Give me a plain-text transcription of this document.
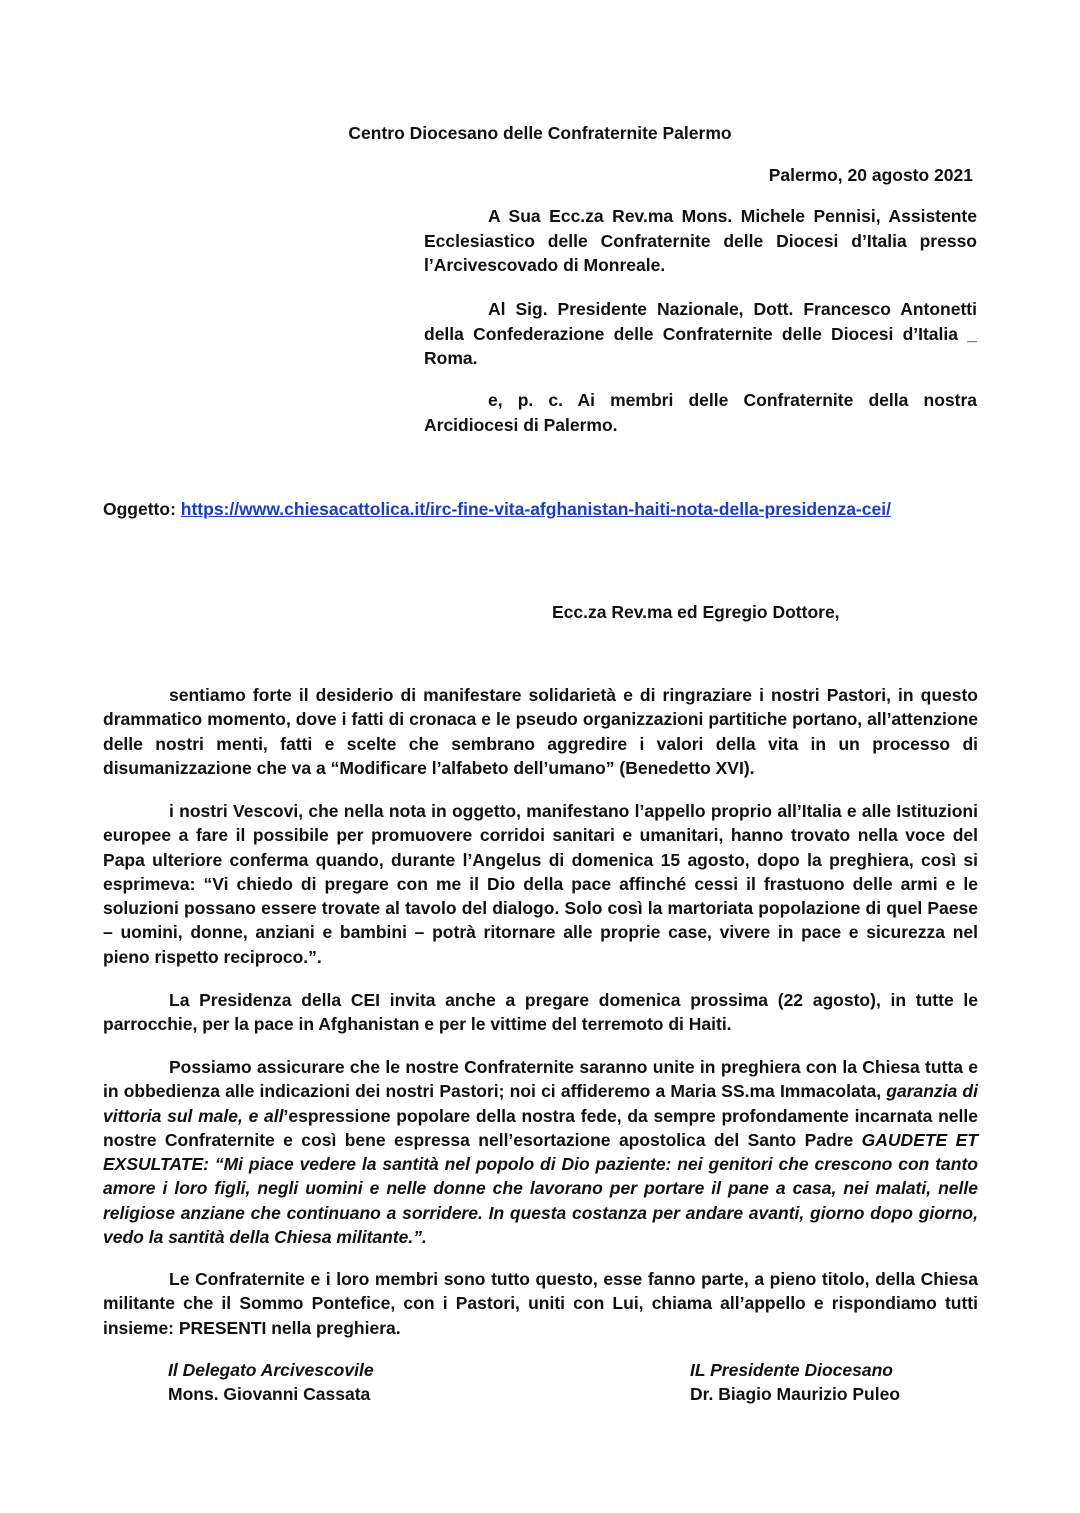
Centro Diocesano delle Confraternite Palermo

Palermo, 20 agosto 2021

A Sua Ecc.za Rev.ma Mons. Michele Pennisi, Assistente Ecclesiastico delle Confraternite delle Diocesi d’Italia presso l’Arcivescovado di Monreale.

Al Sig. Presidente Nazionale, Dott. Francesco Antonetti della Confederazione delle Confraternite delle Diocesi d’Italia _ Roma.

e, p. c. Ai membri delle Confraternite della nostra Arcidiocesi di Palermo.

Oggetto: https://www.chiesacattolica.it/irc-fine-vita-afghanistan-haiti-nota-della-presidenza-cei/

Ecc.za Rev.ma ed Egregio Dottore,

sentiamo forte il desiderio di manifestare solidarietà e di ringraziare i nostri Pastori, in questo drammatico momento, dove i fatti di cronaca e le pseudo organizzazioni partitiche portano, all’attenzione delle nostri menti, fatti e scelte che sembrano aggredire i valori della vita in un processo di disumanizzazione che va a “Modificare l’alfabeto dell’umano” (Benedetto XVI).

i nostri Vescovi, che nella nota in oggetto, manifestano l’appello proprio all’Italia e alle Istituzioni europee a fare il possibile per promuovere corridoi sanitari e umanitari, hanno trovato nella voce del Papa ulteriore conferma quando, durante l’Angelus di domenica 15 agosto, dopo la preghiera, così si esprimeva: “Vi chiedo di pregare con me il Dio della pace affinché cessi il frastuono delle armi e le soluzioni possano essere trovate al tavolo del dialogo. Solo così la martoriata popolazione di quel Paese – uomini, donne, anziani e bambini – potrà ritornare alle proprie case, vivere in pace e sicurezza nel pieno rispetto reciproco.”.

La Presidenza della CEI invita anche a pregare domenica prossima (22 agosto), in tutte le parrocchie, per la pace in Afghanistan e per le vittime del terremoto di Haiti.

Possiamo assicurare che le nostre Confraternite saranno unite in preghiera con la Chiesa tutta e in obbedienza alle indicazioni dei nostri Pastori; noi ci affideremo a Maria SS.ma Immacolata, garanzia di vittoria sul male, e all’espressione popolare della nostra fede, da sempre profondamente incarnata nelle nostre Confraternite e così bene espressa nell’esortazione apostolica del Santo Padre GAUDETE ET EXSULTATE: “Mi piace vedere la santità nel popolo di Dio paziente: nei genitori che crescono con tanto amore i loro figli, negli uomini e nelle donne che lavorano per portare il pane a casa, nei malati, nelle religiose anziane che continuano a sorridere. In questa costanza per andare avanti, giorno dopo giorno, vedo la santità della Chiesa militante.”.

Le Confraternite e i loro membri sono tutto questo, esse fanno parte, a pieno titolo, della Chiesa militante che il Sommo Pontefice, con i Pastori, uniti con Lui, chiama all’appello e rispondiamo tutti insieme: PRESENTI nella preghiera.

Il Delegato Arcivescovile
Mons. Giovanni Cassata
IL Presidente Diocesano
Dr. Biagio Maurizio Puleo
